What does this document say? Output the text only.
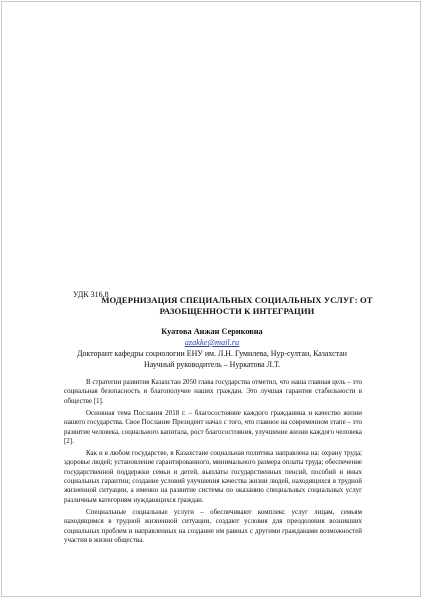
УДК 316.8
МОДЕРНИЗАЦИЯ СПЕЦИАЛЬНЫХ СОЦИАЛЬНЫХ УСЛУГ: ОТ РАЗОБЩЕННОСТИ К ИНТЕГРАЦИИ
Куатова Анжан Сериковна
azakke@mail.ru
Докторант кафедры социологии ЕНУ им. Л.Н. Гумилева, Нур-султан, Казахстан
Научный руководитель – Нуркатова Л.Т.

В стратегии развития Казахстан 2050 глава государства отметил, что наша главная цель – это социальная безопасность и благополучие наших граждан. Это лучшая гарантия стабильности в обществе [1].

Основная тема Послания 2018 г. – благосостояние каждого гражданина и качество жизни нашего государства. Свое Послание Президент начал с того, что главное на современном этапе – это развитие человека, социального капитала, рост благосостояния, улучшение жизни каждого человека [2].

Как и в любом государстве, в Казахстане социальная политика направлена на: охрану труда; здоровье людей; установление гарантированного, минимального размера оплаты труда; обеспечение государственной поддержки семьи и детей, выплаты государственных пенсий, пособий и иных социальных гарантии; создание условий улучшения качества жизни людей, находящихся в трудной жизненной ситуации, а именно на развитие системы по оказанию специальных социальных услуг различным категориям нуждающихся граждан.

Специальные социальные услуги – обеспечивают комплекс услуг лицам, семьям находящимся в трудной жизненной ситуации, создают условия для преодоления возникших социальных проблем и направленных на создание им равных с другими гражданами возможностей участия в жизни общества.
